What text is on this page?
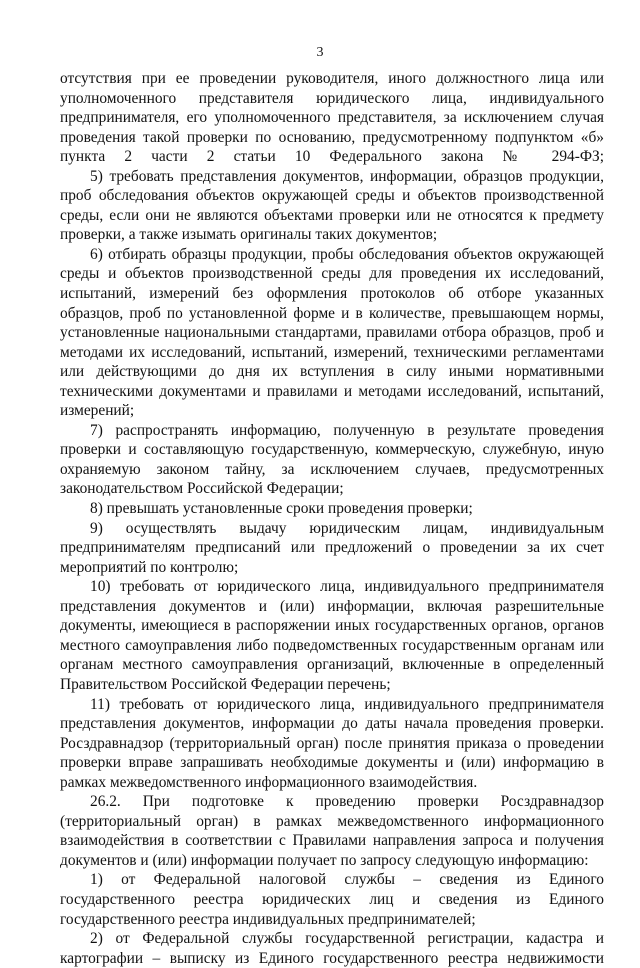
3

отсутствия при ее проведении руководителя, иного должностного лица или уполномоченного представителя юридического лица, индивидуального предпринимателя, его уполномоченного представителя, за исключением случая проведения такой проверки по основанию, предусмотренному подпунктом «б» пункта 2 части 2 статьи 10 Федерального закона № 294-ФЗ;

5) требовать представления документов, информации, образцов продукции, проб обследования объектов окружающей среды и объектов производственной среды, если они не являются объектами проверки или не относятся к предмету проверки, а также изымать оригиналы таких документов;

6) отбирать образцы продукции, пробы обследования объектов окружающей среды и объектов производственной среды для проведения их исследований, испытаний, измерений без оформления протоколов об отборе указанных образцов, проб по установленной форме и в количестве, превышающем нормы, установленные национальными стандартами, правилами отбора образцов, проб и методами их исследований, испытаний, измерений, техническими регламентами или действующими до дня их вступления в силу иными нормативными техническими документами и правилами и методами исследований, испытаний, измерений;

7) распространять информацию, полученную в результате проведения проверки и составляющую государственную, коммерческую, служебную, иную охраняемую законом тайну, за исключением случаев, предусмотренных законодательством Российской Федерации;

8) превышать установленные сроки проведения проверки;

9) осуществлять выдачу юридическим лицам, индивидуальным предпринимателям предписаний или предложений о проведении за их счет мероприятий по контролю;

10) требовать от юридического лица, индивидуального предпринимателя представления документов и (или) информации, включая разрешительные документы, имеющиеся в распоряжении иных государственных органов, органов местного самоуправления либо подведомственных государственным органам или органам местного самоуправления организаций, включенные в определенный Правительством Российской Федерации перечень;

11) требовать от юридического лица, индивидуального предпринимателя представления документов, информации до даты начала проведения проверки. Росздравнадзор (территориальный орган) после принятия приказа о проведении проверки вправе запрашивать необходимые документы и (или) информацию в рамках межведомственного информационного взаимодействия.

26.2. При подготовке к проведению проверки Росздравнадзор (территориальный орган) в рамках межведомственного информационного взаимодействия в соответствии с Правилами направления запроса и получения документов и (или) информации получает по запросу следующую информацию:

1) от Федеральной налоговой службы – сведения из Единого государственного реестра юридических лиц и сведения из Единого государственного реестра индивидуальных предпринимателей;

2) от Федеральной службы государственной регистрации, кадастра и картографии – выписку из Единого государственного реестра недвижимости
